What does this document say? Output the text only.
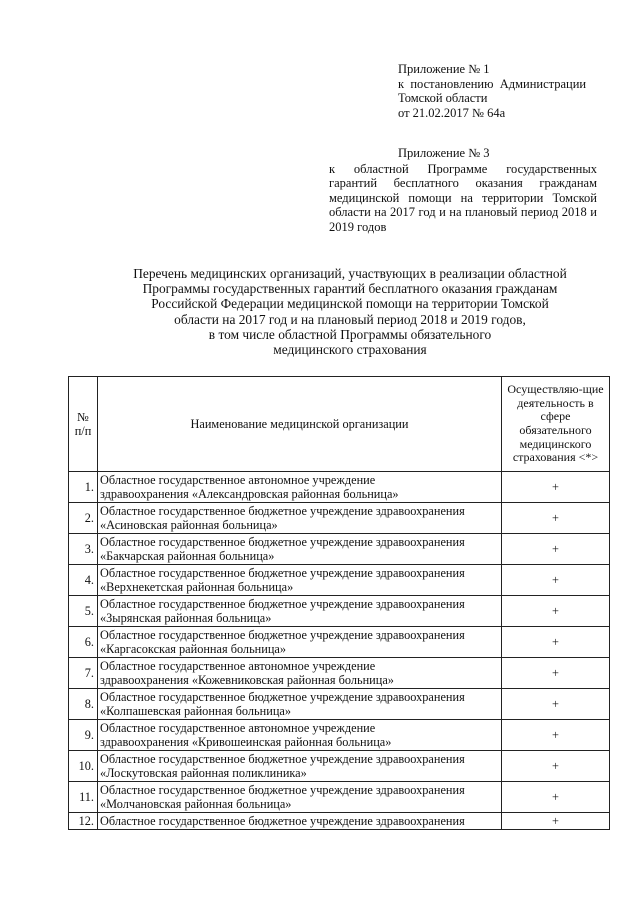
Приложение № 1
к  постановлению  Администрации
Томской области
от 21.02.2017 № 64а
Приложение № 3
к областной Программе государственных гарантий бесплатного оказания гражданам медицинской помощи на территории Томской области на 2017 год и на плановый период 2018 и 2019 годов
Перечень медицинских организаций, участвующих в реализации областной
Программы государственных гарантий бесплатного оказания гражданам
Российской Федерации медицинской помощи на территории Томской
области на 2017 год и на плановый период 2018 и 2019 годов,
в том числе областной Программы обязательного
медицинского страхования
№ п/п	Наименование медицинской организации	Осуществляю-щие деятельность в сфере обязательного медицинского страхования <*>
1.	Областное государственное автономное учреждение
здравоохранения «Александровская районная больница»	+
2.	Областное государственное бюджетное учреждение здравоохранения
«Асиновская районная больница»	+
3.	Областное государственное бюджетное учреждение здравоохранения
«Бакчарская районная больница»	+
4.	Областное государственное бюджетное учреждение здравоохранения
«Верхнекетская районная больница»	+
5.	Областное государственное бюджетное учреждение здравоохранения
«Зырянская районная больница»	+
6.	Областное государственное бюджетное учреждение здравоохранения
«Каргасокская районная больница»	+
7.	Областное государственное автономное учреждение
здравоохранения «Кожевниковская районная больница»	+
8.	Областное государственное бюджетное учреждение здравоохранения
«Колпашевская районная больница»	+
9.	Областное государственное автономное учреждение
здравоохранения «Кривошеинская районная больница»	+
10.	Областное государственное бюджетное учреждение здравоохранения
«Лоскутовская районная поликлиника»	+
11.	Областное государственное бюджетное учреждение здравоохранения
«Молчановская районная больница»	+
12.	Областное государственное бюджетное учреждение здравоохранения	+
